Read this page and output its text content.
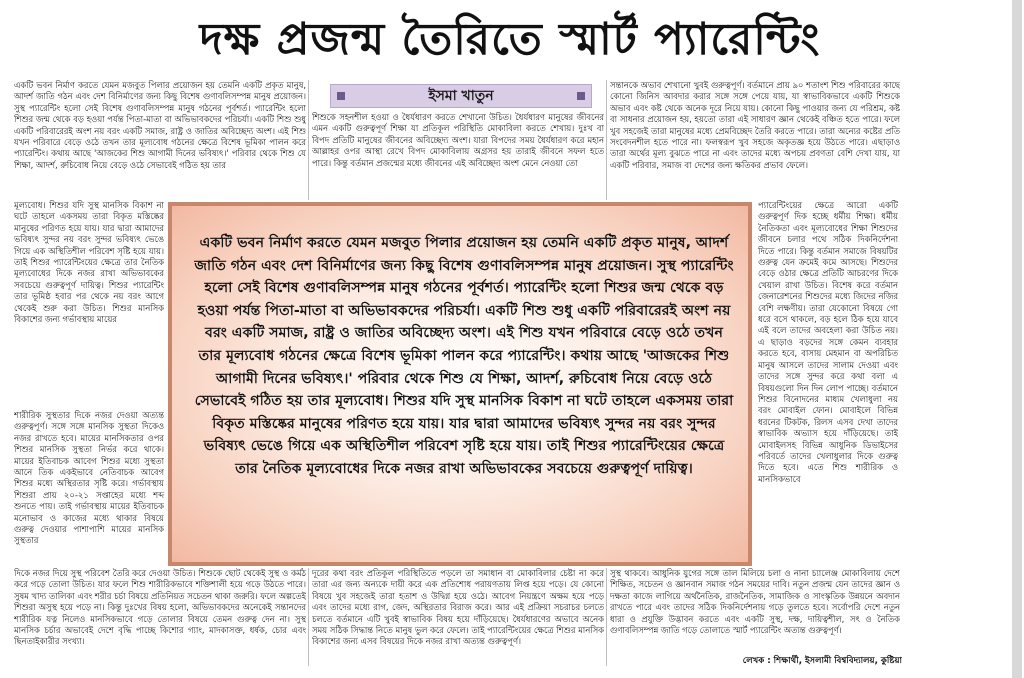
দক্ষ প্রজন্ম তৈরিতে স্মার্ট প্যারেন্টিং
ইসমা খাতুন

একটি ভবন নির্মাণ করতে যেমন মজবুত পিলার প্রয়োজন হয় তেমনি একটি প্রকৃত মানুষ, আদর্শ জাতি গঠন এবং দেশ বিনির্মাণের জন্য কিছু বিশেষ গুণাবলিসম্পন্ন মানুষ প্রয়োজন। সুস্থ প্যারেন্টিং হলো সেই বিশেষ গুণাবলিসম্পন্ন মানুষ গঠনের পূর্বশর্ত। প্যারেন্টিং হলো শিশুর জন্ম থেকে বড় হওয়া পর্যন্ত পিতা-মাতা বা অভিভাবকদের পরিচর্যা। একটি শিশু শুধু একটি পরিবারেরই অংশ নয় বরং একটি সমাজ, রাষ্ট্র ও জাতির অবিচ্ছেদ্য অংশ। এই শিশু যখন পরিবারে বেড়ে ওঠে তখন তার মূল্যবোধ গঠনের ক্ষেত্রে বিশেষ ভূমিকা পালন করে প্যারেন্টিং। কথায় আছে 'আজকের শিশু আগামী দিনের ভবিষ্যৎ।' পরিবার থেকে শিশু যে শিক্ষা, আদর্শ, রুচিবোধ নিয়ে বেড়ে ওঠে সেভাবেই গঠিত হয় তার

মূল্যবোধ। শিশুর যদি সুস্থ মানসিক বিকাশ না ঘটে তাহলে একসময় তারা বিকৃত মস্তিষ্কের মানুষের পরিণত হয়ে যায়। যার দ্বারা আমাদের ভবিষ্যৎ সুন্দর নয় বরং সুন্দর ভবিষ্যৎ ভেঙে গিয়ে এক অস্থিতিশীল পরিবেশ সৃষ্টি হয়ে যায়। তাই শিশুর প্যারেন্টিংয়ের ক্ষেত্রে তার নৈতিক মূল্যবোধের দিকে নজর রাখা অভিভাবকের সবচেয়ে গুরুত্বপূর্ণ দায়িত্ব। শিশুর প্যারেন্টিং তার ভূমিষ্ঠ হবার পর থেকে নয় বরং আগে থেকেই শুরু করা উচিত। শিশুর মানসিক বিকাশের জন্য গর্ভাবস্থায় মায়ের

শারীরিক সুস্থতার দিকে নজর দেওয়া অত্যন্ত গুরুত্বপূর্ণ। সঙ্গে সঙ্গে মানসিক সুস্থতা দিকেও নজর রাখতে হবে। মায়ের মানসিকতার ওপর শিশুর মানসিক সুস্থতা নির্ভর করে থাকে। মায়ের ইতিবাচক আবেগ শিশুর মধ্যে সুস্থতা আনে তিক একইভাবে নেতিবাচক আবেগ শিশুর মধ্যে অস্থিরতার সৃষ্টি করে। গর্ভাবস্থায় শিশুরা প্রায় ২০-২১ সপ্তাহের মধ্যে শব্দ শুনতে পায়। তাই গর্ভাবস্থায় মায়ের ইতিবাচক মনোভাব ও কাজের মধ্যে থাকার বিষয়ে গুরুত্ব দেওয়ার পাশাপাশি মায়ের মানসিক সুস্থতার

শিশুকে সহনশীল হওয়া ও ধৈর্যধারণ করতে শেখানো উচিত। ধৈর্যধারণ মানুষের জীবনের এমন একটি গুরুত্বপূর্ণ শিক্ষা যা প্রতিকূল পরিস্থিতি মোকাবিলা করতে শেখায়। দুঃখ বা বিপদ প্রতিটি মানুষের জীবনের অবিচ্ছেদ্য অংশ। যারা বিপদের সময় ধৈর্যধারণ করে মহান আল্লাহর ওপর আস্থা রেখে বিপদ মোকাবিলায় অগ্রসর হয় তারাই জীবনে সফল হতে পারে। কিন্তু বর্তমান প্রজন্মের মধ্যে জীবনের এই অবিচ্ছেদ্য অংশ মেনে নেওয়া তো

সন্তানকে অভাব শেখানো খুবই গুরুত্বপূর্ণ। বর্তমানে প্রায় ৯০ শতাংশ শিশু পরিবারের কাছে কোনো জিনিস আবদার করার সঙ্গে সঙ্গে পেয়ে যায়, যা স্বাভাবিকভাবে একটি শিশুকে অভাব এবং কষ্ট থেকে অনেক দূরে নিয়ে যায়। কোনো কিছু পাওয়ার জন্য যে পরিশ্রম, কষ্ট বা সাধনার প্রয়োজন হয়, হয়তো তারা এই সাধারণ জ্ঞান থেকেই বঞ্চিত হতে পারে। ফলে খুব সহজেই তারা মানুষের মধ্যে প্রেমবিচ্ছেদ তৈরি করতে পারে। তারা অন্যের কষ্টের প্রতি সংবেদনশীল হতে পারে না। ফলস্বরূপ খুব সহজে অকৃতজ্ঞ হয়ে উঠতে পারে। এছাড়াও তারা অর্থের মূল্য বুঝতে পারে না এবং তাদের মধ্যে অপচয় প্রবণতা বেশি দেখা যায়, যা একটি পরিবার, সমাজ বা দেশের জন্য ক্ষতিকর প্রভাব ফেলে।

প্যারেন্টিংয়ের ক্ষেত্রে আরো একটি গুরুত্বপূর্ণ দিক হচ্ছে ধর্মীয় শিক্ষা। ধর্মীয় নৈতিকতা এবং মূল্যবোধের শিক্ষা শিশুদের জীবনে চলার পথে সঠিক দিকনির্দেশনা দিতে পারে। কিন্তু বর্তমান সমাজে বিষয়টির গুরুত্ব যেন ক্রমেই কমে আসছে। শিশুদের বেড়ে ওঠার ক্ষেত্রে প্রতিটি আচরণের দিকে খেয়াল রাখা উচিত। বিশেষ করে বর্তমান জেনারেশনের শিশুদের মধ্যে জিদের নজির বেশি লক্ষণীয়। তারা যেকোনো বিষয়ে গো ধরে বসে থাকলে, বড় হলে ঠিক হয়ে যাবে এই বলে তাদের অবহেলা করা উচিত নয়। এ ছাড়াও বড়দের সঙ্গে কেমন ব্যবহার করতে হবে, বাসায় মেহমান বা অপরিচিত মানুষ আসলে তাদের সালাম দেওয়া এবং তাদের সঙ্গে সুন্দর করে কথা বলা এ বিষয়গুলো দিন দিন লোপ পাচ্ছে। বর্তমানে শিশুর বিনোদনের মাধ্যম খেলাধুলা নয় বরং মোবাইল ফোন। মোবাইলে বিভিন্ন ধরনের টিকটক, রিলস এসব দেখা তাদের স্বাভাবিক অভ্যাস হয়ে দাঁড়িয়েছে। তাই মোবাইলসহ বিভিন্ন আধুনিক ডিভাইসের পরিবর্তে তাদের খেলাধুলার দিকে গুরুত্ব দিতে হবে। এতে শিশু শারীরিক ও মানসিকভাবে

একটি ভবন নির্মাণ করতে যেমন মজবুত পিলার প্রয়োজন হয় তেমনি একটি প্রকৃত মানুষ, আদর্শ জাতি গঠন এবং দেশ বিনির্মাণের জন্য কিছু বিশেষ গুণাবলিসম্পন্ন মানুষ প্রয়োজন। সুস্থ প্যারেন্টিং হলো সেই বিশেষ গুণাবলিসম্পন্ন মানুষ গঠনের পূর্বশর্ত। প্যারেন্টিং হলো শিশুর জন্ম থেকে বড় হওয়া পর্যন্ত পিতা-মাতা বা অভিভাবকদের পরিচর্যা। একটি শিশু শুধু একটি পরিবারেরই অংশ নয় বরং একটি সমাজ, রাষ্ট্র ও জাতির অবিচ্ছেদ্য অংশ। এই শিশু যখন পরিবারে বেড়ে ওঠে তখন তার মূল্যবোধ গঠনের ক্ষেত্রে বিশেষ ভূমিকা পালন করে প্যারেন্টিং। কথায় আছে 'আজকের শিশু আগামী দিনের ভবিষ্যৎ।' পরিবার থেকে শিশু যে শিক্ষা, আদর্শ, রুচিবোধ নিয়ে বেড়ে ওঠে সেভাবেই গঠিত হয় তার মূল্যবোধ। শিশুর যদি সুস্থ মানসিক বিকাশ না ঘটে তাহলে একসময় তারা বিকৃত মস্তিষ্কের মানুষের পরিণত হয়ে যায়। যার দ্বারা আমাদের ভবিষ্যৎ সুন্দর নয় বরং সুন্দর ভবিষ্যৎ ভেঙে গিয়ে এক অস্থিতিশীল পরিবেশ সৃষ্টি হয়ে যায়। তাই শিশুর প্যারেন্টিংয়ের ক্ষেত্রে তার নৈতিক মূল্যবোধের দিকে নজর রাখা অভিভাবকের সবচেয়ে গুরুত্বপূর্ণ দায়িত্ব।

দিকে নজর দিয়ে সুস্থ পরিবেশ তৈরি করে দেওয়া উচিত। শিশুকে ছোট থেকেই সুস্থ ও কর্মঠ করে গড়ে তোলা উচিত। যার ফলে শিশু শারীরিকভাবে শক্তিশালী হয়ে গড়ে উঠতে পারে। সুষম খাদ্য তালিকা এবং শরীর চর্চা বিষয়ে প্রতিনিয়ত সচেতন থাকা জরুরি। ফলে অল্পতেই শিশুরা অসুস্থ হয়ে পড়ে না। কিন্তু দুঃখের বিষয় হলো, অভিভাবকদের অনেকেই সন্তানদের শারীরিক যত্ন নিলেও মানসিকভাবে গড়ে তোলার বিষয়ে তেমন গুরুত্ব দেন না। সুস্থ মানসিক চর্চার অভাবেই দেশে বৃদ্ধি পাচ্ছে কিশোর গ্যাং, মাদকাসক্ত, ধর্ষক, চোর এবং ছিনতাইকারীর সংখ্যা।

দূরের কথা বরং প্রতিকূল পরিস্থিতিতে পড়লে তা সমাধান বা মোকাবিলার চেষ্টা না করে তারা এর জন্য অন্যকে দায়ী করে এক প্রতিশোধ পরায়ণতায় লিপ্ত হয়ে পড়ে। যে কোনো বিষয়ে খুব সহজেই তারা হতাশ ও উদ্বিগ্ন হয়ে ওঠে। আবেগ নিয়ন্ত্রণে অক্ষম হয়ে পড়ে এবং তাদের মধ্যে রাগ, জেদ, অস্থিরতার বিরাজ করে। আর এই প্রক্রিয়া সচরাচর চলতে চলতে বর্তমানে এটি খুবই স্বাভাবিক বিষয় হয়ে দাঁড়িয়েছে। ধৈর্যধারণের অভাবে অনেক সময় সঠিক সিদ্ধান্ত নিতে মানুষ ভুল করে ফেলে। তাই প্যারেন্টিংয়ের ক্ষেত্রে শিশুর মানসিক বিকাশের জন্য এসব বিষয়ের দিকে নজর রাখা অত্যন্ত গুরুত্বপূর্ণ।

সুস্থ থাকবে। আধুনিক যুগের সঙ্গে তাল মিলিয়ে চলা ও নানা চ্যালেঞ্জ মোকাবিলায় দেশে শিক্ষিত, সচেতন ও জ্ঞানবান সমাজ গঠন সময়ের দাবি। নতুন প্রজন্ম যেন তাদের জ্ঞান ও দক্ষতা কাজে লাগিয়ে অর্থনৈতিক, রাজনৈতিক, সামাজিক ও সাংস্কৃতিক উন্নয়নে অবদান রাখতে পারে এবং তাদের সঠিক দিকনির্দেশনায় গড়ে তুলতে হবে। সর্বোপরি দেশে নতুন ধারা ও প্রযুক্তি উদ্ভাবন করতে এবং একটি সুস্থ, দক্ষ, দায়িত্বশীল, সৎ ও নৈতিক গুণাবলিসম্পন্ন জাতি গড়ে তোলাতে স্মার্ট প্যারেন্টিং অত্যন্ত গুরুত্বপূর্ণ।

লেখক : শিক্ষার্থী, ইসলামী বিশ্ববিদ্যালয়, কুষ্টিয়া
